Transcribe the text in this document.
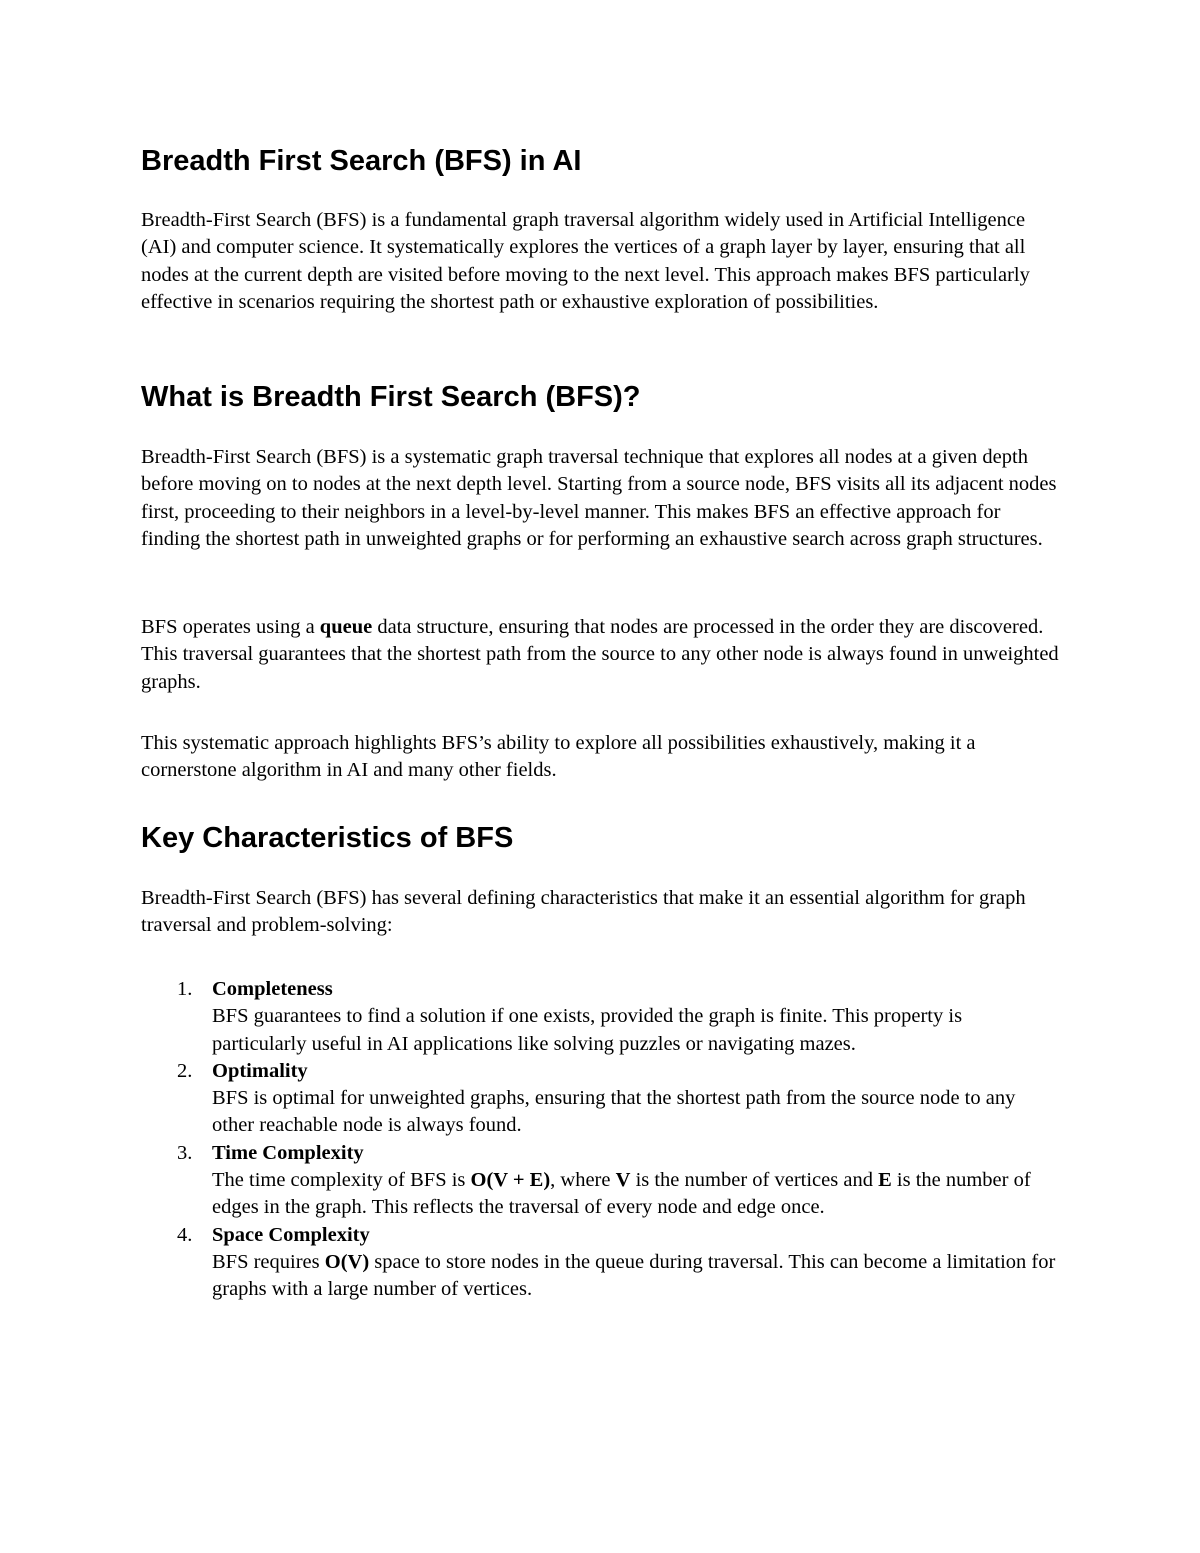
Breadth First Search (BFS) in AI

Breadth-First Search (BFS) is a fundamental graph traversal algorithm widely used in Artificial Intelligence (AI) and computer science. It systematically explores the vertices of a graph layer by layer, ensuring that all nodes at the current depth are visited before moving to the next level. This approach makes BFS particularly effective in scenarios requiring the shortest path or exhaustive exploration of possibilities.

What is Breadth First Search (BFS)?

Breadth-First Search (BFS) is a systematic graph traversal technique that explores all nodes at a given depth before moving on to nodes at the next depth level. Starting from a source node, BFS visits all its adjacent nodes first, proceeding to their neighbors in a level-by-level manner. This makes BFS an effective approach for finding the shortest path in unweighted graphs or for performing an exhaustive search across graph structures.

BFS operates using a queue data structure, ensuring that nodes are processed in the order they are discovered. This traversal guarantees that the shortest path from the source to any other node is always found in unweighted graphs.

This systematic approach highlights BFS’s ability to explore all possibilities exhaustively, making it a cornerstone algorithm in AI and many other fields.

Key Characteristics of BFS

Breadth-First Search (BFS) has several defining characteristics that make it an essential algorithm for graph traversal and problem-solving:

1. Completeness
BFS guarantees to find a solution if one exists, provided the graph is finite. This property is particularly useful in AI applications like solving puzzles or navigating mazes.
2. Optimality
BFS is optimal for unweighted graphs, ensuring that the shortest path from the source node to any other reachable node is always found.
3. Time Complexity
The time complexity of BFS is O(V + E), where V is the number of vertices and E is the number of edges in the graph. This reflects the traversal of every node and edge once.
4. Space Complexity
BFS requires O(V) space to store nodes in the queue during traversal. This can become a limitation for graphs with a large number of vertices.
